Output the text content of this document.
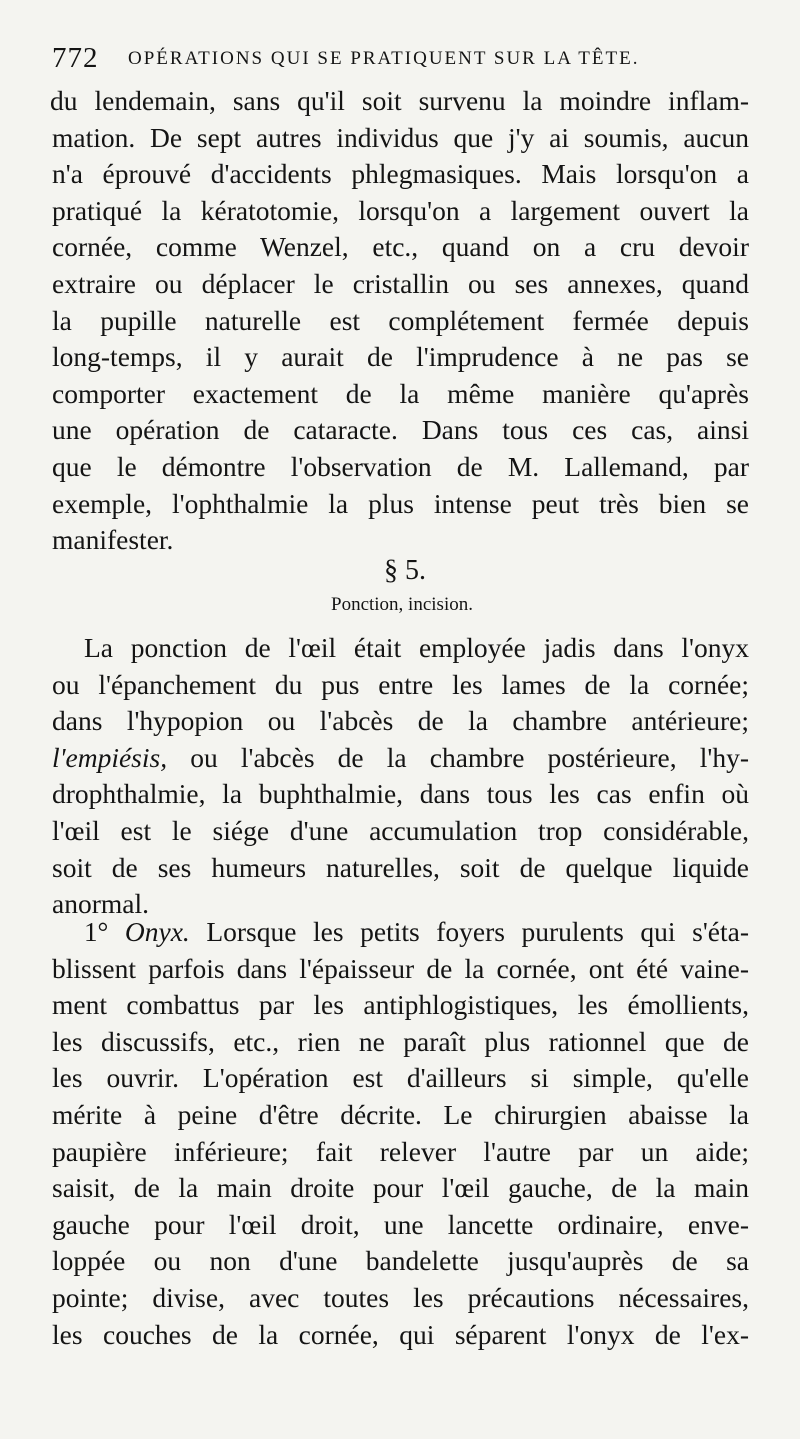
772 OPÉRATIONS QUI SE PRATIQUENT SUR LA TÊTE.
du lendemain, sans qu'il soit survenu la moindre inflam-
mation. De sept autres individus que j'y ai soumis, aucun
n'a éprouvé d'accidents phlegmasiques. Mais lorsqu'on a
pratiqué la kératotomie, lorsqu'on a largement ouvert la
cornée, comme Wenzel, etc., quand on a cru devoir
extraire ou déplacer le cristallin ou ses annexes, quand
la pupille naturelle est complétement fermée depuis
long-temps, il y aurait de l'imprudence à ne pas se
comporter exactement de la même manière qu'après
une opération de cataracte. Dans tous ces cas, ainsi
que le démontre l'observation de M. Lallemand, par
exemple, l'ophthalmie la plus intense peut très bien se
manifester.
§ 5.
Ponction, incision.
La ponction de l'œil était employée jadis dans l'onyx
ou l'épanchement du pus entre les lames de la cornée;
dans l'hypopion ou l'abcès de la chambre antérieure;
l'empiésis, ou l'abcès de la chambre postérieure, l'hy-
drophthalmie, la buphthalmie, dans tous les cas enfin où
l'œil est le siége d'une accumulation trop considérable,
soit de ses humeurs naturelles, soit de quelque liquide
anormal.
1° Onyx. Lorsque les petits foyers purulents qui s'éta-
blissent parfois dans l'épaisseur de la cornée, ont été vaine-
ment combattus par les antiphlogistiques, les émollients,
les discussifs, etc., rien ne paraît plus rationnel que de
les ouvrir. L'opération est d'ailleurs si simple, qu'elle
mérite à peine d'être décrite. Le chirurgien abaisse la
paupière inférieure; fait relever l'autre par un aide;
saisit, de la main droite pour l'œil gauche, de la main
gauche pour l'œil droit, une lancette ordinaire, enve-
loppée ou non d'une bandelette jusqu'auprès de sa
pointe; divise, avec toutes les précautions nécessaires,
les couches de la cornée, qui séparent l'onyx de l'ex-
